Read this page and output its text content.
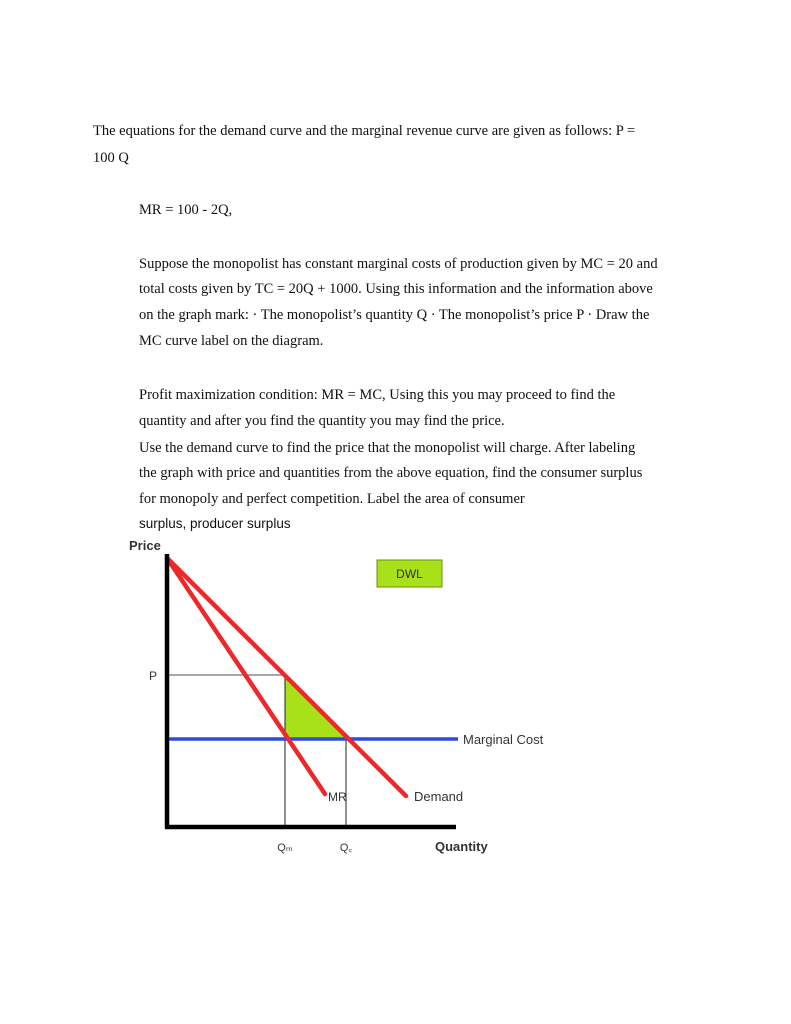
The equations for the demand curve and the marginal revenue curve are given as follows: P =
100 Q
MR = 100 - 2Q,
Suppose the monopolist has constant marginal costs of production given by MC = 20 and
total costs given by TC = 20Q + 1000. Using this information and the information above
on the graph mark: · The monopolist’s quantity Q · The monopolist’s price P · Draw the
MC curve label on the diagram.
Profit maximization condition: MR = MC, Using this you may proceed to find the
quantity and after you find the quantity you may find the price.
Use the demand curve to find the price that the monopolist will charge. After labeling
the graph with price and quantities from the above equation, find the consumer surplus
for monopoly and perfect competition. Label the area of consumer
surplus, producer surplus
DWL
Price
P
Marginal Cost
MR	Demand
Qₘ	Q꜀	Quantity
